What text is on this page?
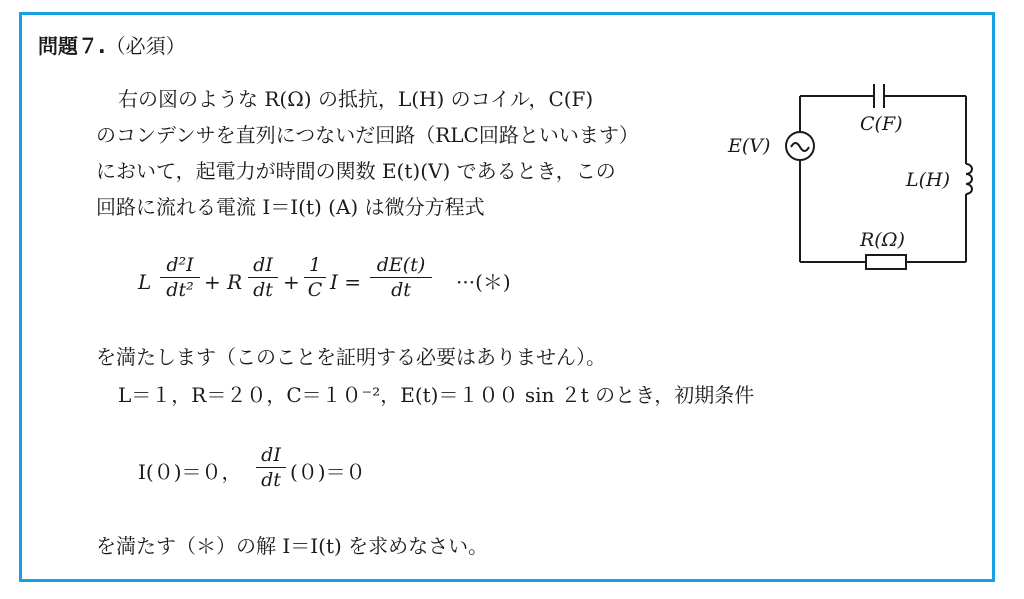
問題７.（必須）
右の図のような R(Ω) の抵抗，L(H) のコイル，C(F)
のコンデンサを直列につないだ回路（RLC回路といいます）
において，起電力が時間の関数 E(t)(V) であるとき，この
回路に流れる電流 I＝I(t) (A) は微分方程式
L $\frac{\text{d²I}}{\text{dt²}} + R \frac{dI}{dt} + \frac{1}{C}$ $I = \frac{dE(t)}{dt}$ ···(＊)
を満たします（このことを証明する必要はありません）。
L＝１，R＝２０，C＝１０⁻²，E(t)＝１００ sin ２t のとき，初期条件
I(０)＝０， $\frac{dI}{dt} (0)=0$
を満たす（＊）の解 I＝I(t) を求めなさい。
E(V)
C(F)
L(H)
R(Ω)
